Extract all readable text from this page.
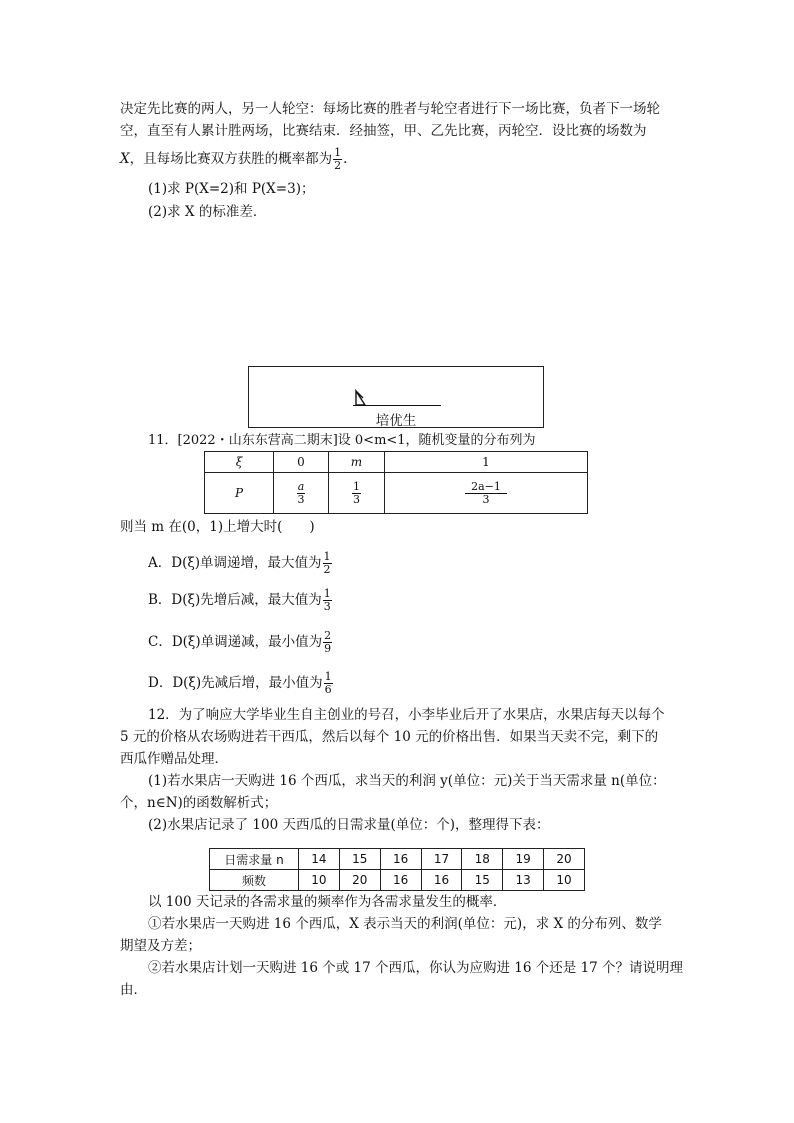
决定先比赛的两人，另一人轮空：每场比赛的胜者与轮空者进行下一场比赛，负者下一场轮
空，直至有人累计胜两场，比赛结束．经抽签，甲、乙先比赛，丙轮空．设比赛的场数为
X，且每场比赛双方获胜的概率都为 $\frac{1}{2}$ .
(1)求 P(X=2)和 P(X=3)；
(2)求 X 的标准差．
培优生
11．[2022・山东东营高二期末]设 0<m<1，随机变量的分布列为
ξ	0	m	1
P	$\frac{a}{3}$	$\frac{1}{3}$	$\frac{2a-1}{3}$
则当 m 在(0，1)上增大时(　　)
A．D(ξ)单调递增，最大值为 $\frac{1}{2}$
B．D(ξ)先增后减，最大值为 $\frac{1}{3}$
C．D(ξ)单调递减，最小值为 $\frac{2}{9}$
D．D(ξ)先减后增，最小值为 $\frac{1}{6}$
12．为了响应大学毕业生自主创业的号召，小李毕业后开了水果店，水果店每天以每个
5 元的价格从农场购进若干西瓜，然后以每个 10 元的价格出售．如果当天卖不完，剩下的
西瓜作赠品处理．
(1)若水果店一天购进 16 个西瓜，求当天的利润 y(单位：元)关于当天需求量 n(单位：
个，n∈N)的函数解析式；
(2)水果店记录了 100 天西瓜的日需求量(单位：个)，整理得下表：
日需求量 n	14	15	16	17	18	19	20
频数	10	20	16	16	15	13	10
以 100 天记录的各需求量的频率作为各需求量发生的概率．
①若水果店一天购进 16 个西瓜，X 表示当天的利润(单位：元)，求 X 的分布列、数学
期望及方差；
②若水果店计划一天购进 16 个或 17 个西瓜，你认为应购进 16 个还是 17 个？请说明理
由．
